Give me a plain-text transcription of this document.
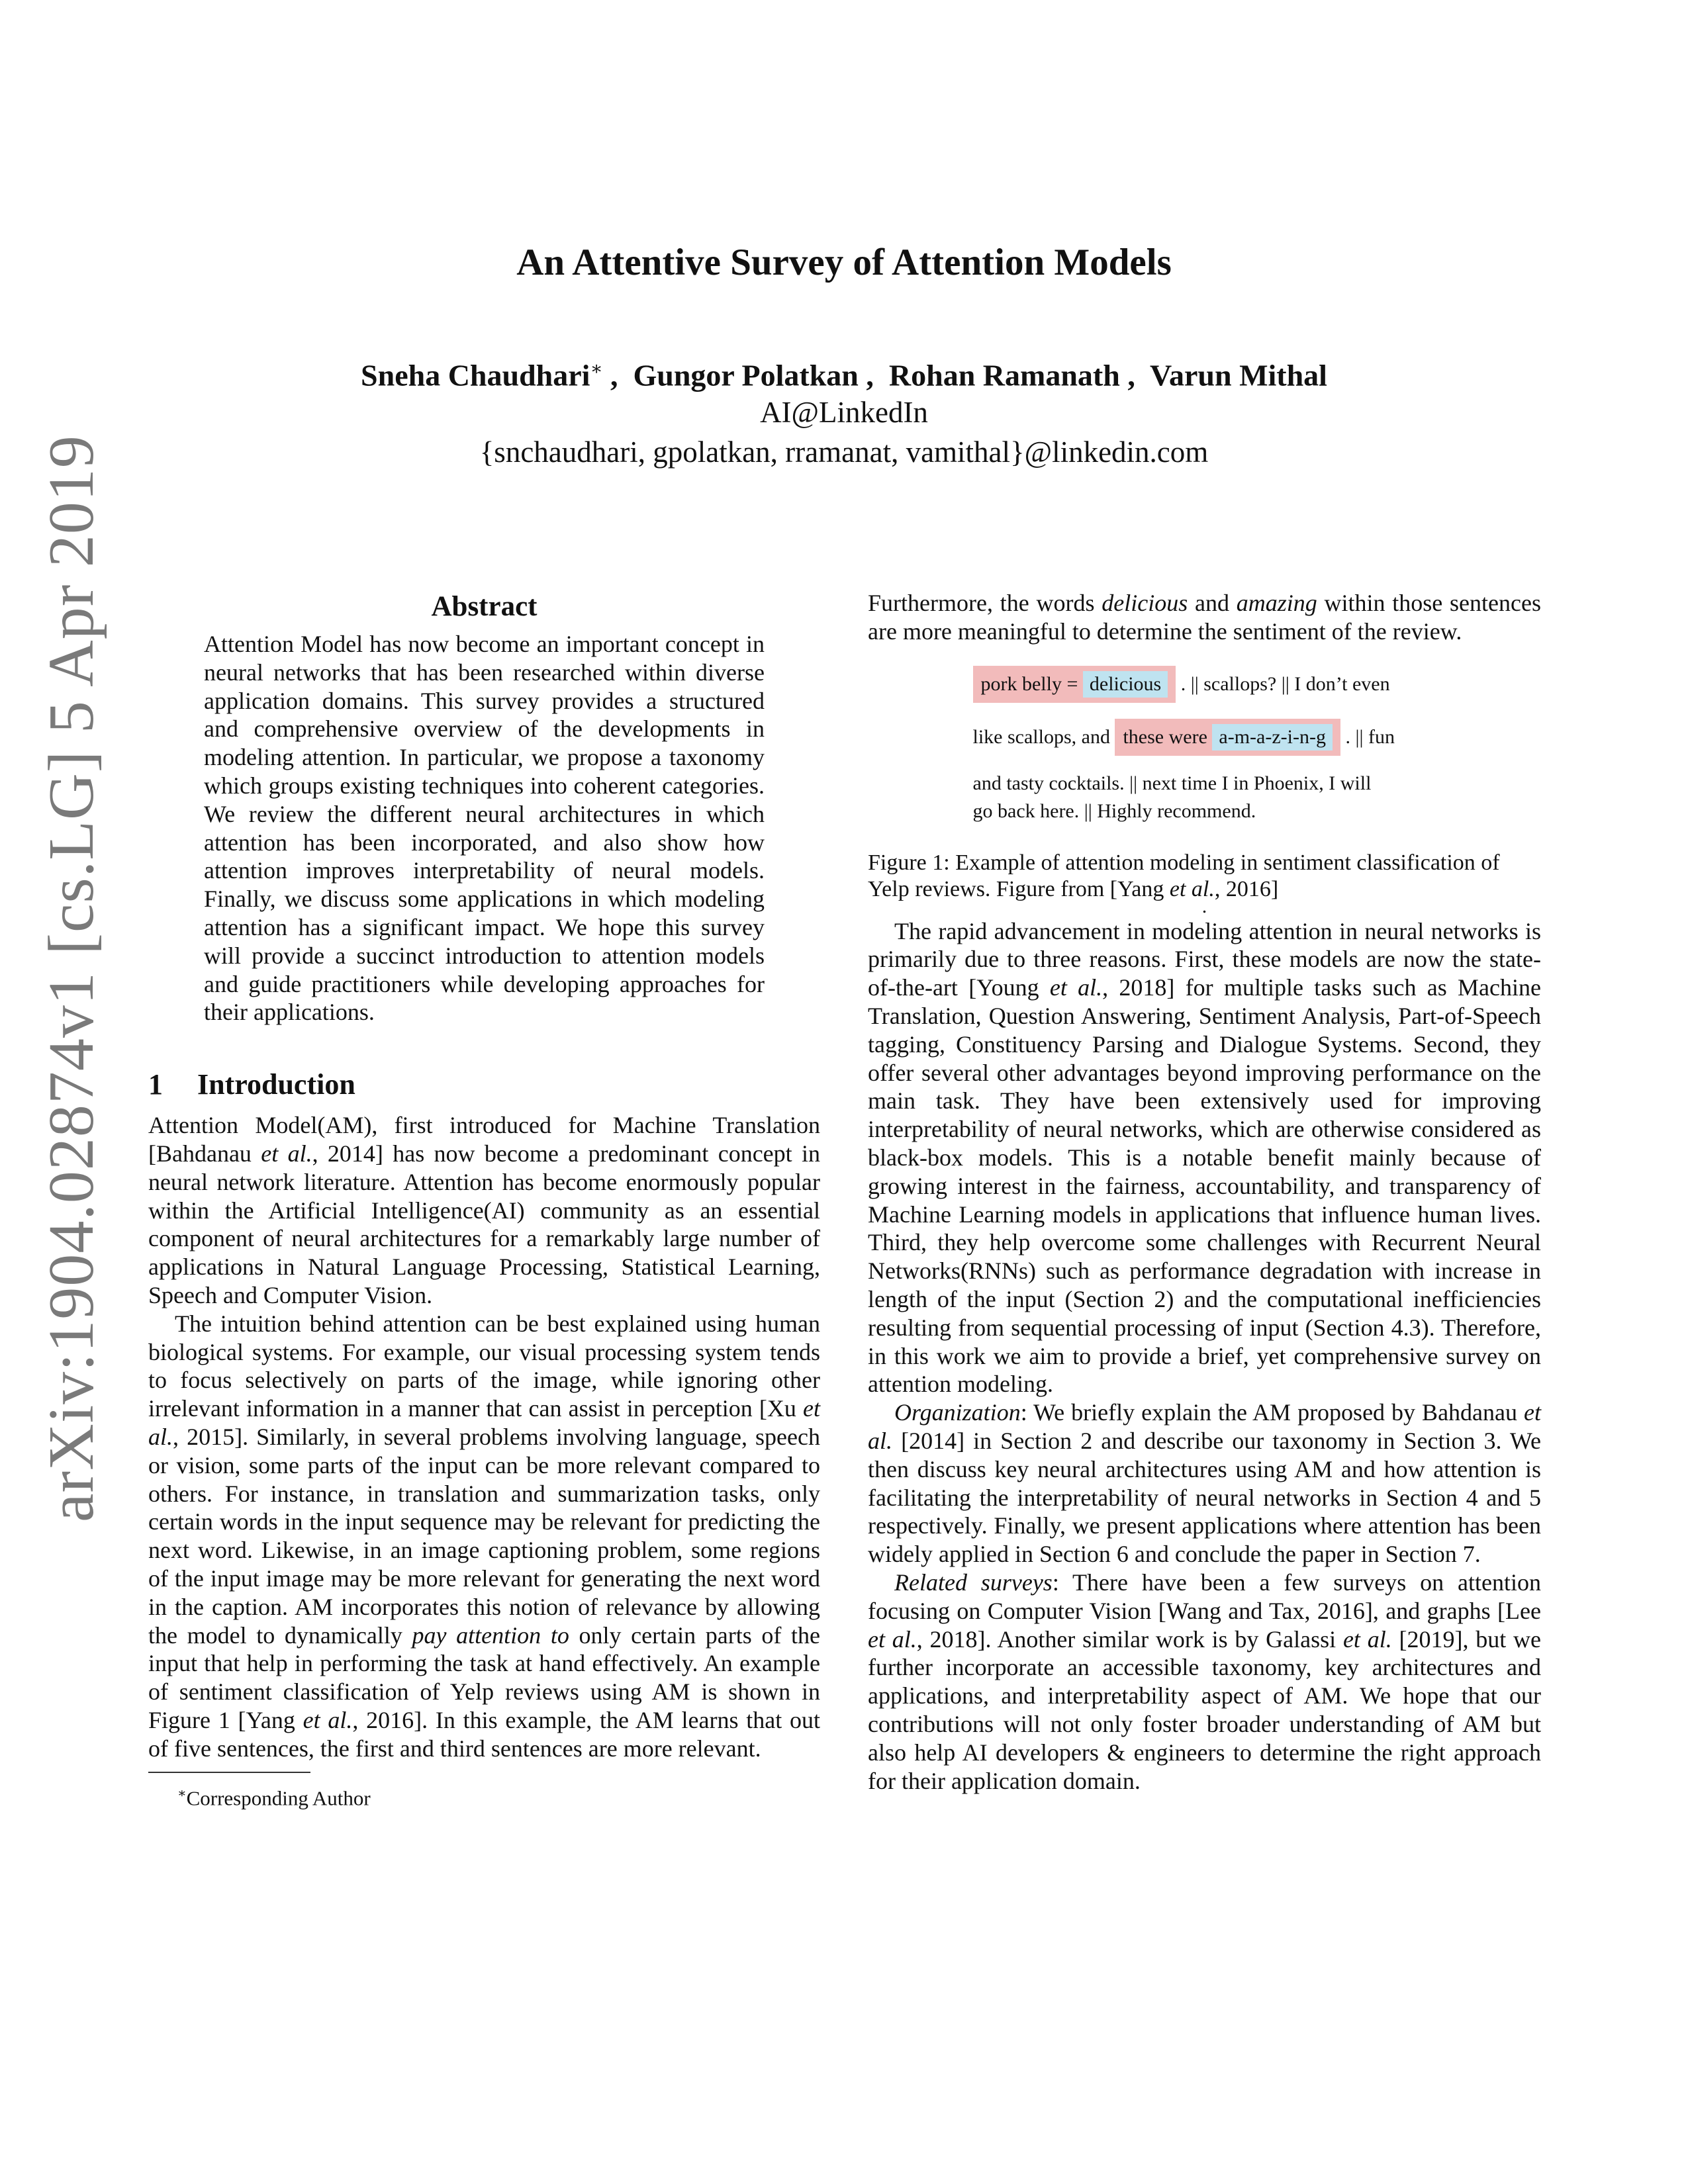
arXiv:1904.02874v1 [cs.LG] 5 Apr 2019
An Attentive Survey of Attention Models
Sneha Chaudhari∗ ,  Gungor Polatkan ,  Rohan Ramanath ,  Varun Mithal
AI@LinkedIn
{snchaudhari, gpolatkan, rramanat, vamithal}@linkedin.com
Abstract

Attention Model has now become an important concept in neural networks that has been researched within diverse application domains. This survey provides a structured and comprehensive overview of the developments in modeling attention. In particular, we propose a taxonomy which groups existing techniques into coherent categories. We review the different neural architectures in which attention has been incorporated, and also show how attention improves interpretability of neural models. Finally, we discuss some applications in which modeling attention has a significant impact. We hope this survey will provide a succinct introduction to attention models and guide practitioners while developing approaches for their applications.

1 Introduction

Attention Model(AM), first introduced for Machine Translation [Bahdanau et al., 2014] has now become a predominant concept in neural network literature. Attention has become enormously popular within the Artificial Intelligence(AI) community as an essential component of neural architectures for a remarkably large number of applications in Natural Language Processing, Statistical Learning, Speech and Computer Vision.

The intuition behind attention can be best explained using human biological systems. For example, our visual processing system tends to focus selectively on parts of the image, while ignoring other irrelevant information in a manner that can assist in perception [Xu et al., 2015]. Similarly, in several problems involving language, speech or vision, some parts of the input can be more relevant compared to others. For instance, in translation and summarization tasks, only certain words in the input sequence may be relevant for predicting the next word. Likewise, in an image captioning problem, some regions of the input image may be more relevant for generating the next word in the caption. AM incorporates this notion of relevance by allowing the model to dynamically pay attention to only certain parts of the input that help in performing the task at hand effectively. An example of sentiment classification of Yelp reviews using AM is shown in Figure 1 [Yang et al., 2016]. In this example, the AM learns that out of five sentences, the first and third sentences are more relevant.

∗Corresponding Author

Furthermore, the words delicious and amazing within those sentences are more meaningful to determine the sentiment of the review.

pork belly = delicious . || scallops? || I don’t even
like scallops, and these were a-m-a-z-i-n-g . || fun
and tasty cocktails. || next time I in Phoenix, I will
go back here. || Highly recommend.

Figure 1: Example of attention modeling in sentiment classification of Yelp reviews. Figure from [Yang et al., 2016]

.

The rapid advancement in modeling attention in neural networks is primarily due to three reasons. First, these models are now the state-of-the-art [Young et al., 2018] for multiple tasks such as Machine Translation, Question Answering, Sentiment Analysis, Part-of-Speech tagging, Constituency Parsing and Dialogue Systems. Second, they offer several other advantages beyond improving performance on the main task. They have been extensively used for improving interpretability of neural networks, which are otherwise considered as black-box models. This is a notable benefit mainly because of growing interest in the fairness, accountability, and transparency of Machine Learning models in applications that influence human lives. Third, they help overcome some challenges with Recurrent Neural Networks(RNNs) such as performance degradation with increase in length of the input (Section 2) and the computational inefficiencies resulting from sequential processing of input (Section 4.3). Therefore, in this work we aim to provide a brief, yet comprehensive survey on attention modeling.

Organization: We briefly explain the AM proposed by Bahdanau et al. [2014] in Section 2 and describe our taxonomy in Section 3. We then discuss key neural architectures using AM and how attention is facilitating the interpretability of neural networks in Section 4 and 5 respectively. Finally, we present applications where attention has been widely applied in Section 6 and conclude the paper in Section 7.

Related surveys: There have been a few surveys on attention focusing on Computer Vision [Wang and Tax, 2016], and graphs [Lee et al., 2018]. Another similar work is by Galassi et al. [2019], but we further incorporate an accessible taxonomy, key architectures and applications, and interpretability aspect of AM. We hope that our contributions will not only foster broader understanding of AM but also help AI developers & engineers to determine the right approach for their application domain.
